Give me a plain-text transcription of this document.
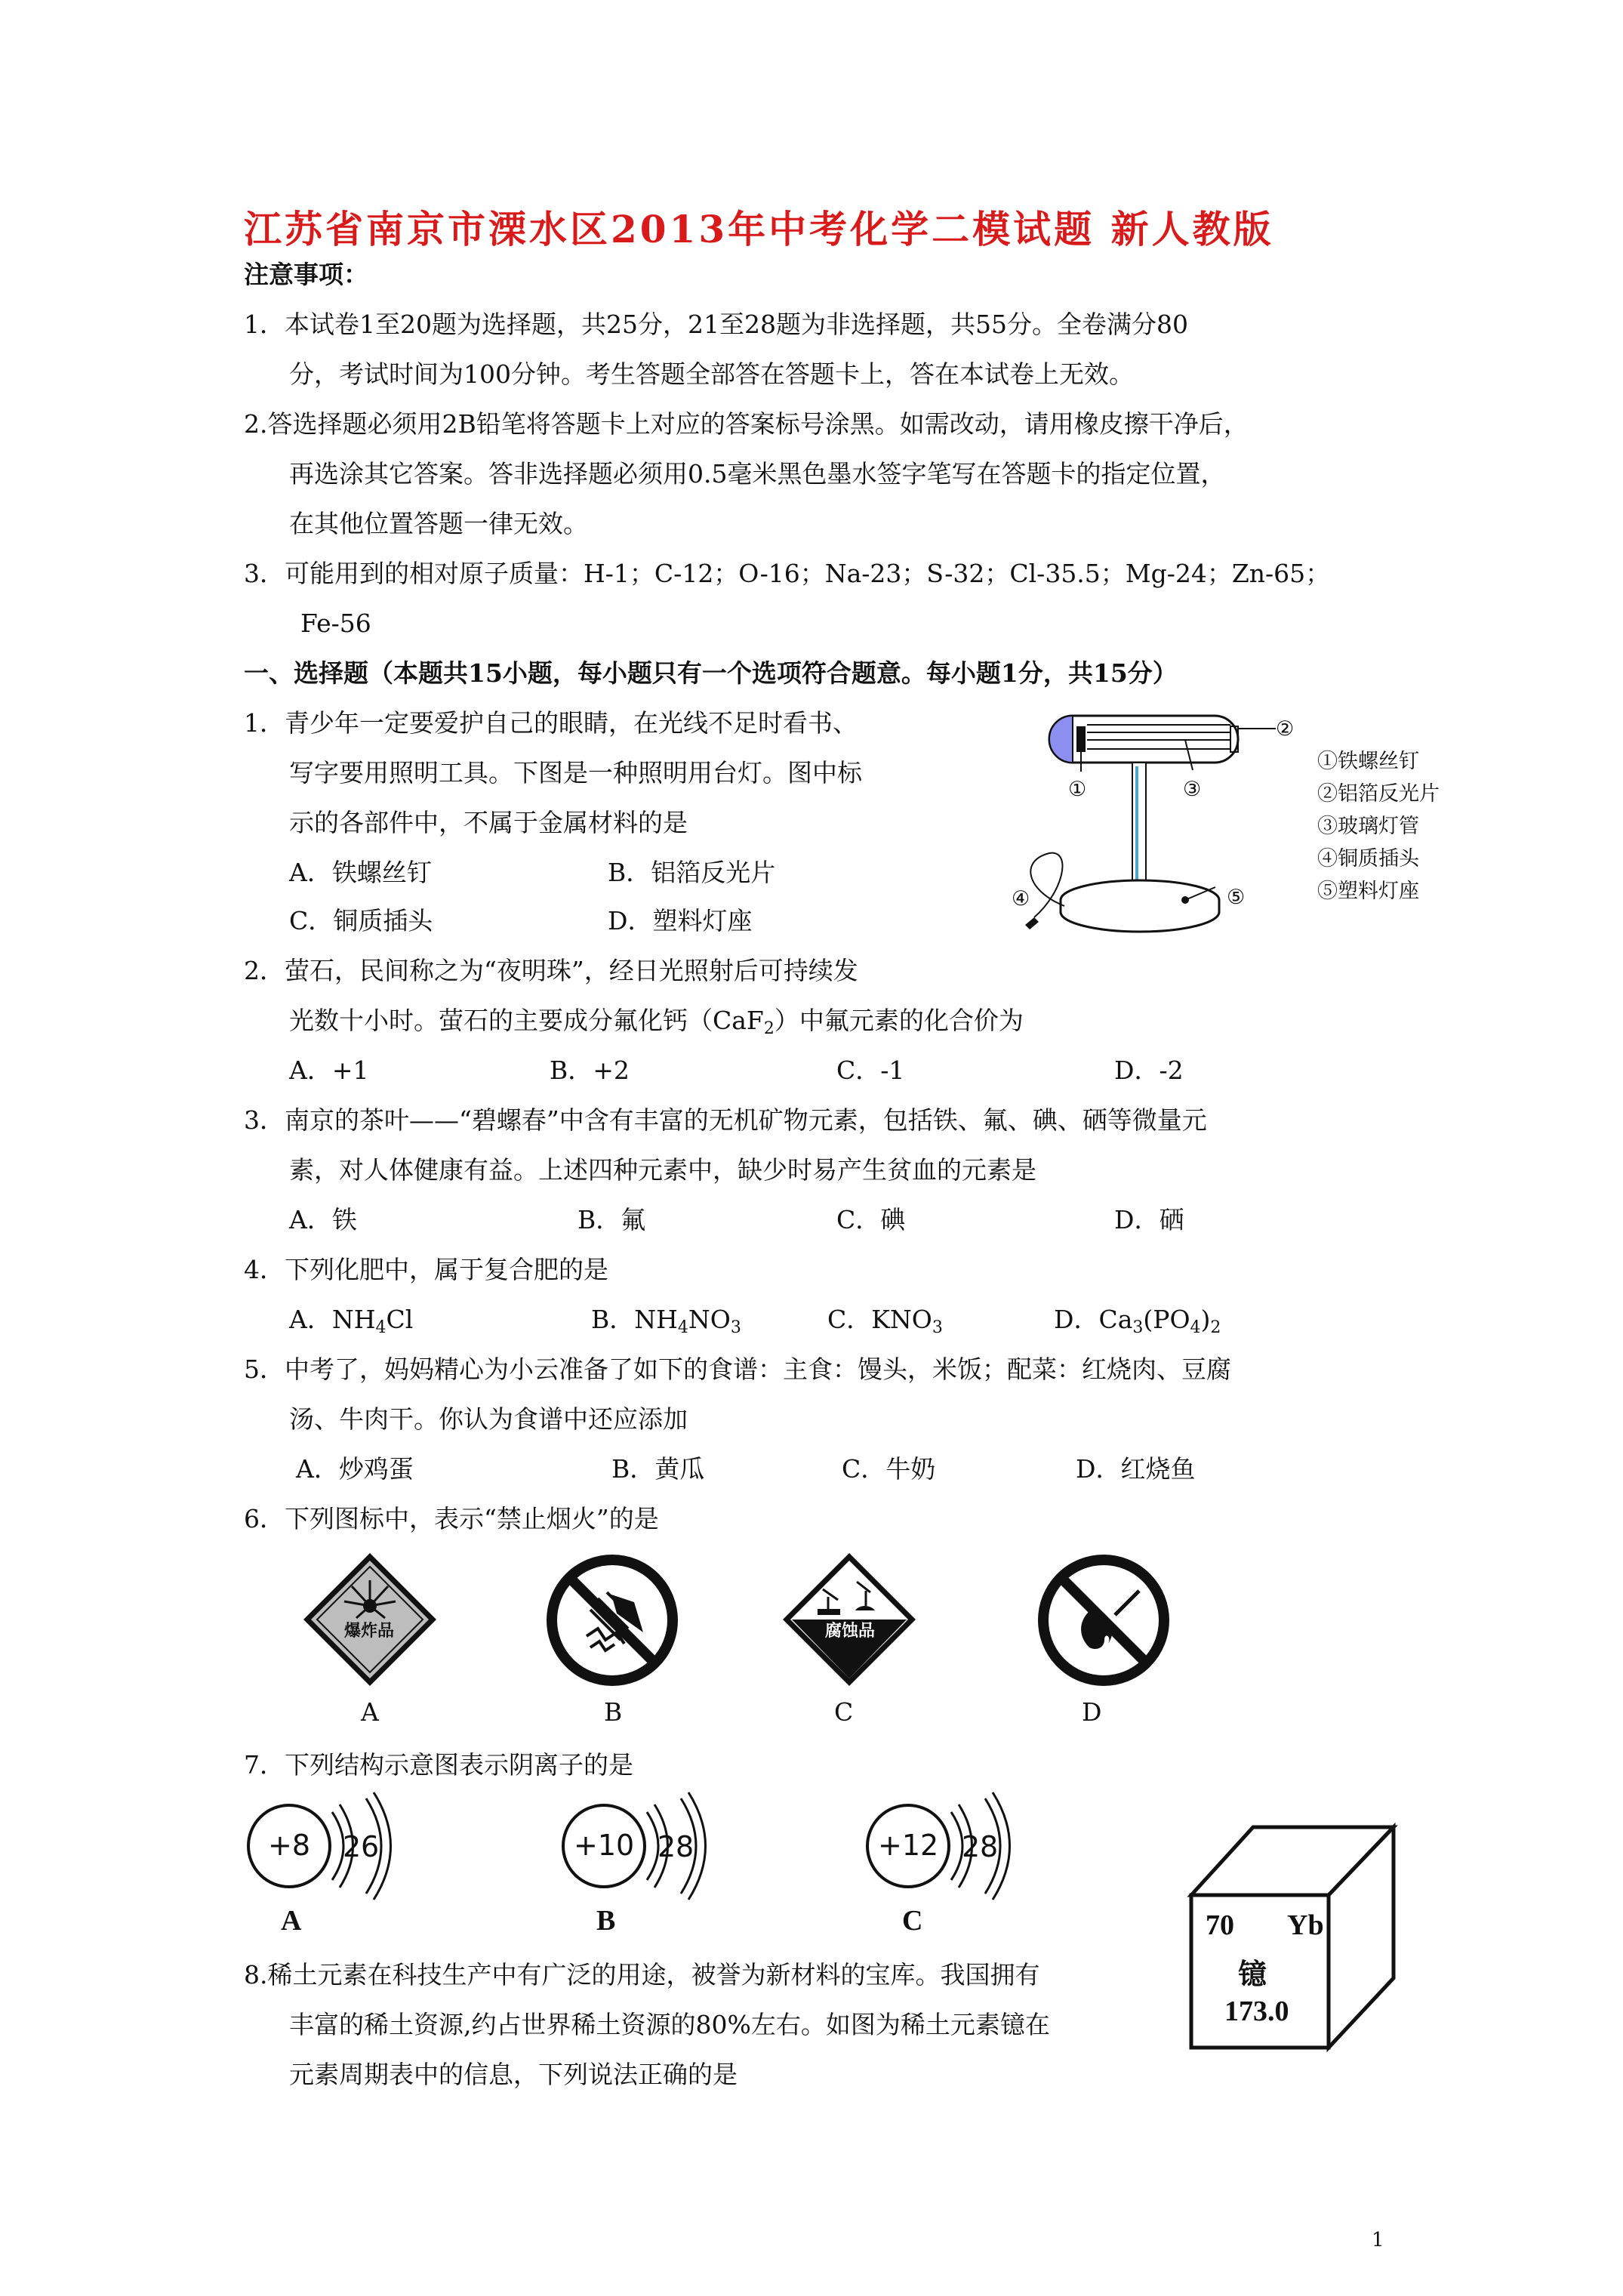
江苏省南京市溧水区2013年中考化学二模试题 新人教版
注意事项：
1．本试卷1至20题为选择题，共25分，21至28题为非选择题，共55分。全卷满分80
分，考试时间为100分钟。考生答题全部答在答题卡上，答在本试卷上无效。
2.答选择题必须用2B铅笔将答题卡上对应的答案标号涂黑。如需改动，请用橡皮擦干净后，
再选涂其它答案。答非选择题必须用0.5毫米黑色墨水签字笔写在答题卡的指定位置，
在其他位置答题一律无效。
3．可能用到的相对原子质量：H-1；C-12；O-16；Na-23；S-32；Cl-35.5；Mg-24；Zn-65；
Fe-56
一、选择题（本题共15小题，每小题只有一个选项符合题意。每小题1分，共15分）
1．青少年一定要爱护自己的眼睛，在光线不足时看书、
写字要用照明工具。下图是一种照明用台灯。图中标
示的各部件中，不属于金属材料的是
A．铁螺丝钉	B．铝箔反光片
C．铜质插头	D．塑料灯座
②
①	③
④	⑤
①铁螺丝钉
②铝箔反光片
③玻璃灯管
④铜质插头
⑤塑料灯座
2．萤石，民间称之为“夜明珠”，经日光照射后可持续发
光数十小时。萤石的主要成分氟化钙（CaF$_2$）中氟元素的化合价为
A．+1	B．+2	C．-1	D．-2
3．南京的茶叶——“碧螺春”中含有丰富的无机矿物元素，包括铁、氟、碘、硒等微量元
素，对人体健康有益。上述四种元素中，缺少时易产生贫血的元素是
A．铁	B．氟	C．碘	D．硒
4．下列化肥中，属于复合肥的是
A．$NH_4Cl$	B．$NH_4NO_3$	C．$KNO_3$	D．$Ca_3(PO_4)_2$
5．中考了，妈妈精心为小云准备了如下的食谱：主食：馒头，米饭；配菜：红烧肉、豆腐
汤、牛肉干。你认为食谱中还应添加
A．炒鸡蛋	B．黄瓜	C．牛奶	D．红烧鱼
6．下列图标中，表示“禁止烟火”的是
爆炸品	腐蚀品
A	B	C	D
7．下列结构示意图表示阴离子的是
+8 2 6
A
+10 2 8
B
+12 2 8
C	70 Yb
镱
173.0
8.稀土元素在科技生产中有广泛的用途，被誉为新材料的宝库。我国拥有
丰富的稀土资源,约占世界稀土资源的80%左右。如图为稀土元素镱在
元素周期表中的信息，下列说法正确的是
1
